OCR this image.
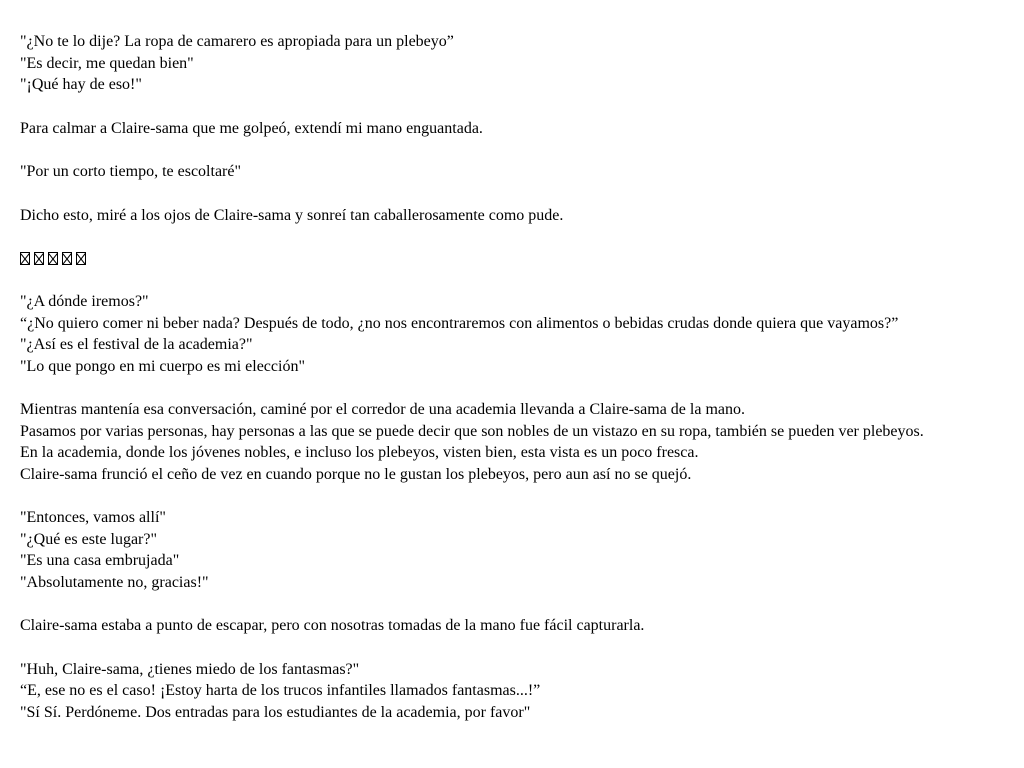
"¿No te lo dije? La ropa de camarero es apropiada para un plebeyo”
"Es decir, me quedan bien"
"¡Qué hay de eso!"
Para calmar a Claire-sama que me golpeó, extendí mi mano enguantada.
"Por un corto tiempo, te escoltaré"
Dicho esto, miré a los ojos de Claire-sama y sonreí tan caballerosamente como pude.
"¿A dónde iremos?"
“¿No quiero comer ni beber nada? Después de todo, ¿no nos encontraremos con alimentos o bebidas crudas donde quiera que vayamos?”
"¿Así es el festival de la academia?"
"Lo que pongo en mi cuerpo es mi elección"
Mientras mantenía esa conversación, caminé por el corredor de una academia llevanda a Claire-sama de la mano.
Pasamos por varias personas, hay personas a las que se puede decir que son nobles de un vistazo en su ropa, también se pueden ver plebeyos.
En la academia, donde los jóvenes nobles, e incluso los plebeyos, visten bien, esta vista es un poco fresca.
Claire-sama frunció el ceño de vez en cuando porque no le gustan los plebeyos, pero aun así no se quejó.
"Entonces, vamos allí"
"¿Qué es este lugar?"
"Es una casa embrujada"
"Absolutamente no, gracias!"
Claire-sama estaba a punto de escapar, pero con nosotras tomadas de la mano fue fácil capturarla.
"Huh, Claire-sama, ¿tienes miedo de los fantasmas?"
“E, ese no es el caso! ¡Estoy harta de los trucos infantiles llamados fantasmas...!”
"Sí Sí. Perdóneme. Dos entradas para los estudiantes de la academia, por favor"
